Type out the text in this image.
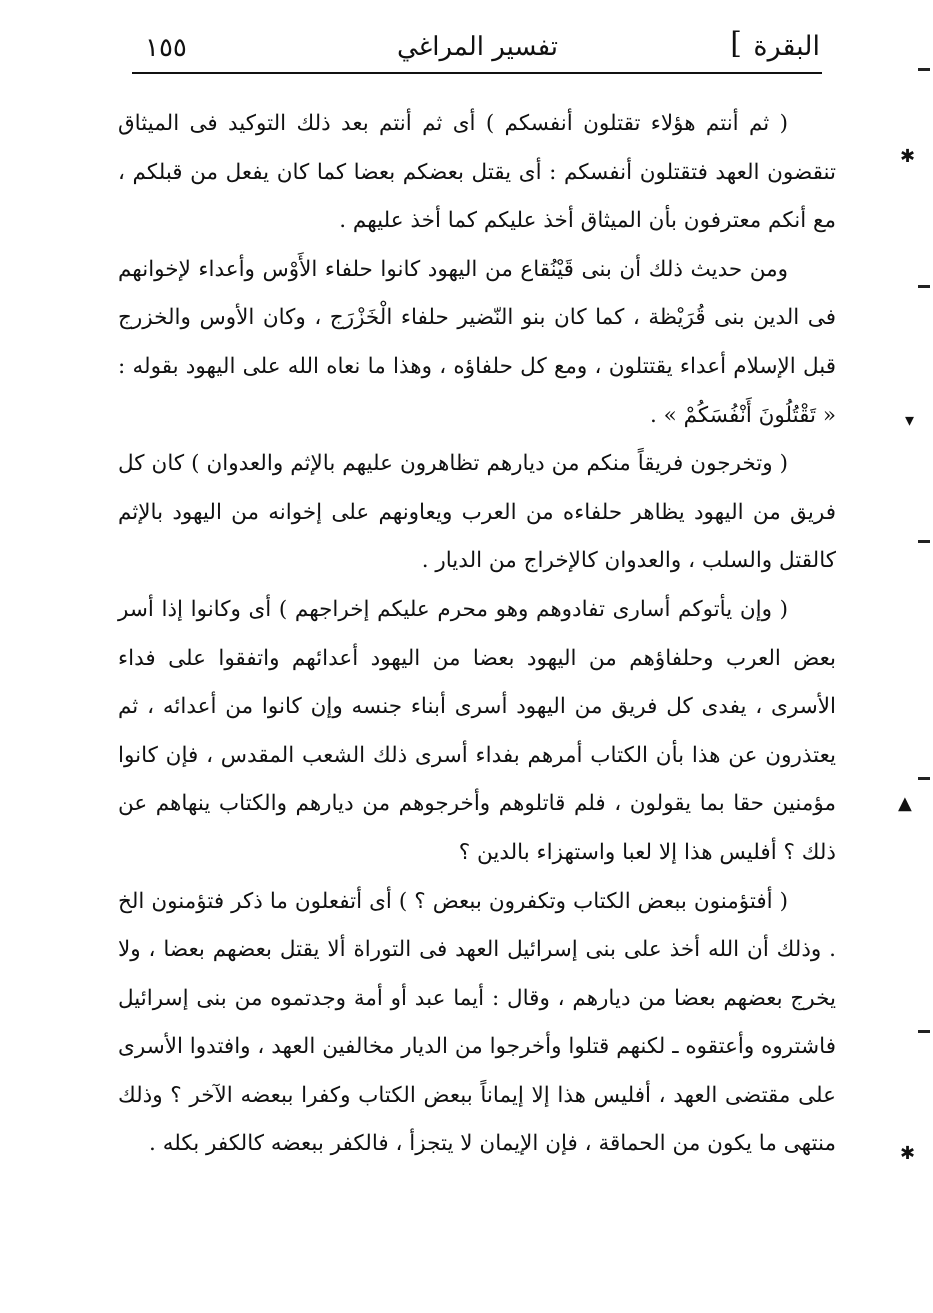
البقرة
]
تفسير المراغي
١٥٥

( ثم أنتم هؤلاء تقتلون أنفسكم ) أى ثم أنتم بعد ذلك التوكيد فى الميثاق تنقضون العهد فتقتلون أنفسكم : أى يقتل بعضكم بعضا كما كان يفعل من قبلكم ، مع أنكم معترفون بأن الميثاق أخذ عليكم كما أخذ عليهم .

ومن حديث ذلك أن بنى قَيْنُقاع من اليهود كانوا حلفاء الأَوْس وأعداء لإخوانهم فى الدين بنى قُرَيْظة ، كما كان بنو النّضير حلفاء الْخَزْرَج ، وكان الأوس والخزرج قبل الإسلام أعداء يقتتلون ، ومع كل حلفاؤه ، وهذا ما نعاه الله على اليهود بقوله : « تَقْتُلُونَ أَنْفُسَكُمْ » .

( وتخرجون فريقاً منكم من ديارهم تظاهرون عليهم بالإثم والعدوان ) كان كل فريق من اليهود يظاهر حلفاءه من العرب ويعاونهم على إخوانه من اليهود بالإثم كالقتل والسلب ، والعدوان كالإخراج من الديار .

( وإن يأتوكم أسارى تفادوهم وهو محرم عليكم إخراجهم ) أى وكانوا إذا أسر بعض العرب وحلفاؤهم من اليهود بعضا من اليهود أعدائهم واتفقوا على فداء الأسرى ، يفدى كل فريق من اليهود أسرى أبناء جنسه وإن كانوا من أعدائه ، ثم يعتذرون عن هذا بأن الكتاب أمرهم بفداء أسرى ذلك الشعب المقدس ، فإن كانوا مؤمنين حقا بما يقولون ، فلم قاتلوهم وأخرجوهم من ديارهم والكتاب ينهاهم عن ذلك ؟ أفليس هذا إلا لعبا واستهزاء بالدين ؟

( أفتؤمنون ببعض الكتاب وتكفرون ببعض ؟ ) أى أتفعلون ما ذكر فتؤمنون الخ . وذلك أن الله أخذ على بنى إسرائيل العهد فى التوراة ألا يقتل بعضهم بعضا ، ولا يخرج بعضهم بعضا من ديارهم ، وقال : أيما عبد أو أمة وجدتموه من بنى إسرائيل فاشتروه وأعتقوه ـ لكنهم قتلوا وأخرجوا من الديار مخالفين العهد ، وافتدوا الأسرى على مقتضى العهد ، أفليس هذا إلا إيماناً ببعض الكتاب وكفرا ببعضه الآخر ؟ وذلك منتهى ما يكون من الحماقة ، فإن الإيمان لا يتجزأ ، فالكفر ببعضه كالكفر بكله .

✱
▾
▲
✱
